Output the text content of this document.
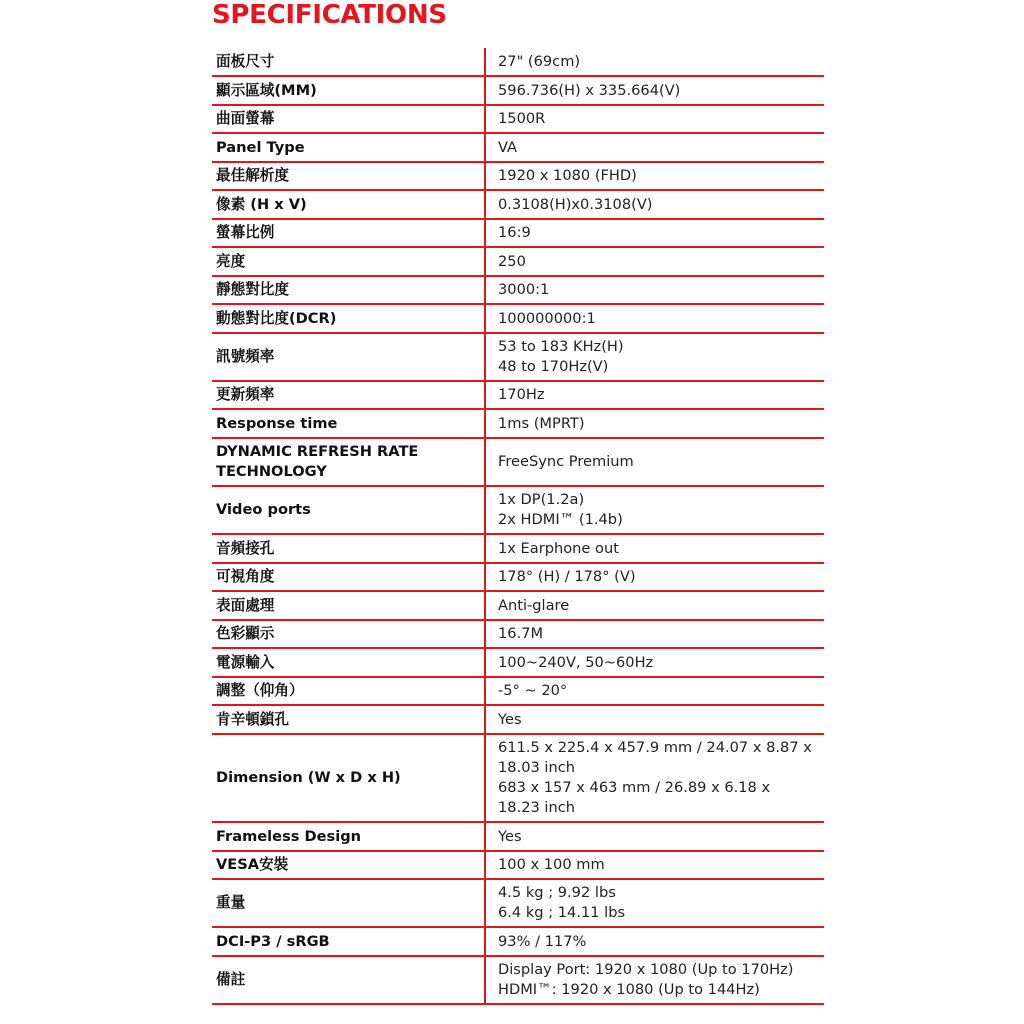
SPECIFICATIONS
面板尺寸	27" (69cm)

顯示區域(MM)	596.736(H) x 335.664(V)

曲面螢幕	1500R

Panel Type	VA

最佳解析度	1920 x 1080 (FHD)

像素 (H x V)	0.3108(H)x0.3108(V)

螢幕比例	16:9

亮度	250

靜態對比度	3000:1

動態對比度(DCR)	100000000:1

訊號頻率	53 to 183 KHz(H)
48 to 170Hz(V)

更新頻率	170Hz

Response time	1ms (MPRT)

DYNAMIC REFRESH RATE
TECHNOLOGY	FreeSync Premium

Video ports	1x DP(1.2a)
2x HDMI™ (1.4b)

音頻接孔	1x Earphone out

可視角度	178° (H) / 178° (V)

表面處理	Anti-glare

色彩顯示	16.7M

電源輸入	100~240V, 50~60Hz

調整（仰角）	-5° ~ 20°

肯辛頓鎖孔	Yes

Dimension (W x D x H)	611.5 x 225.4 x 457.9 mm / 24.07 x 8.87 x
18.03 inch
683 x 157 x 463 mm / 26.89 x 6.18 x
18.23 inch

Frameless Design	Yes

VESA安裝	100 x 100 mm

重量	4.5 kg ; 9.92 lbs
6.4 kg ; 14.11 lbs

DCI-P3 / sRGB	93% / 117%

備註	Display Port: 1920 x 1080 (Up to 170Hz)
HDMI™: 1920 x 1080 (Up to 144Hz)
